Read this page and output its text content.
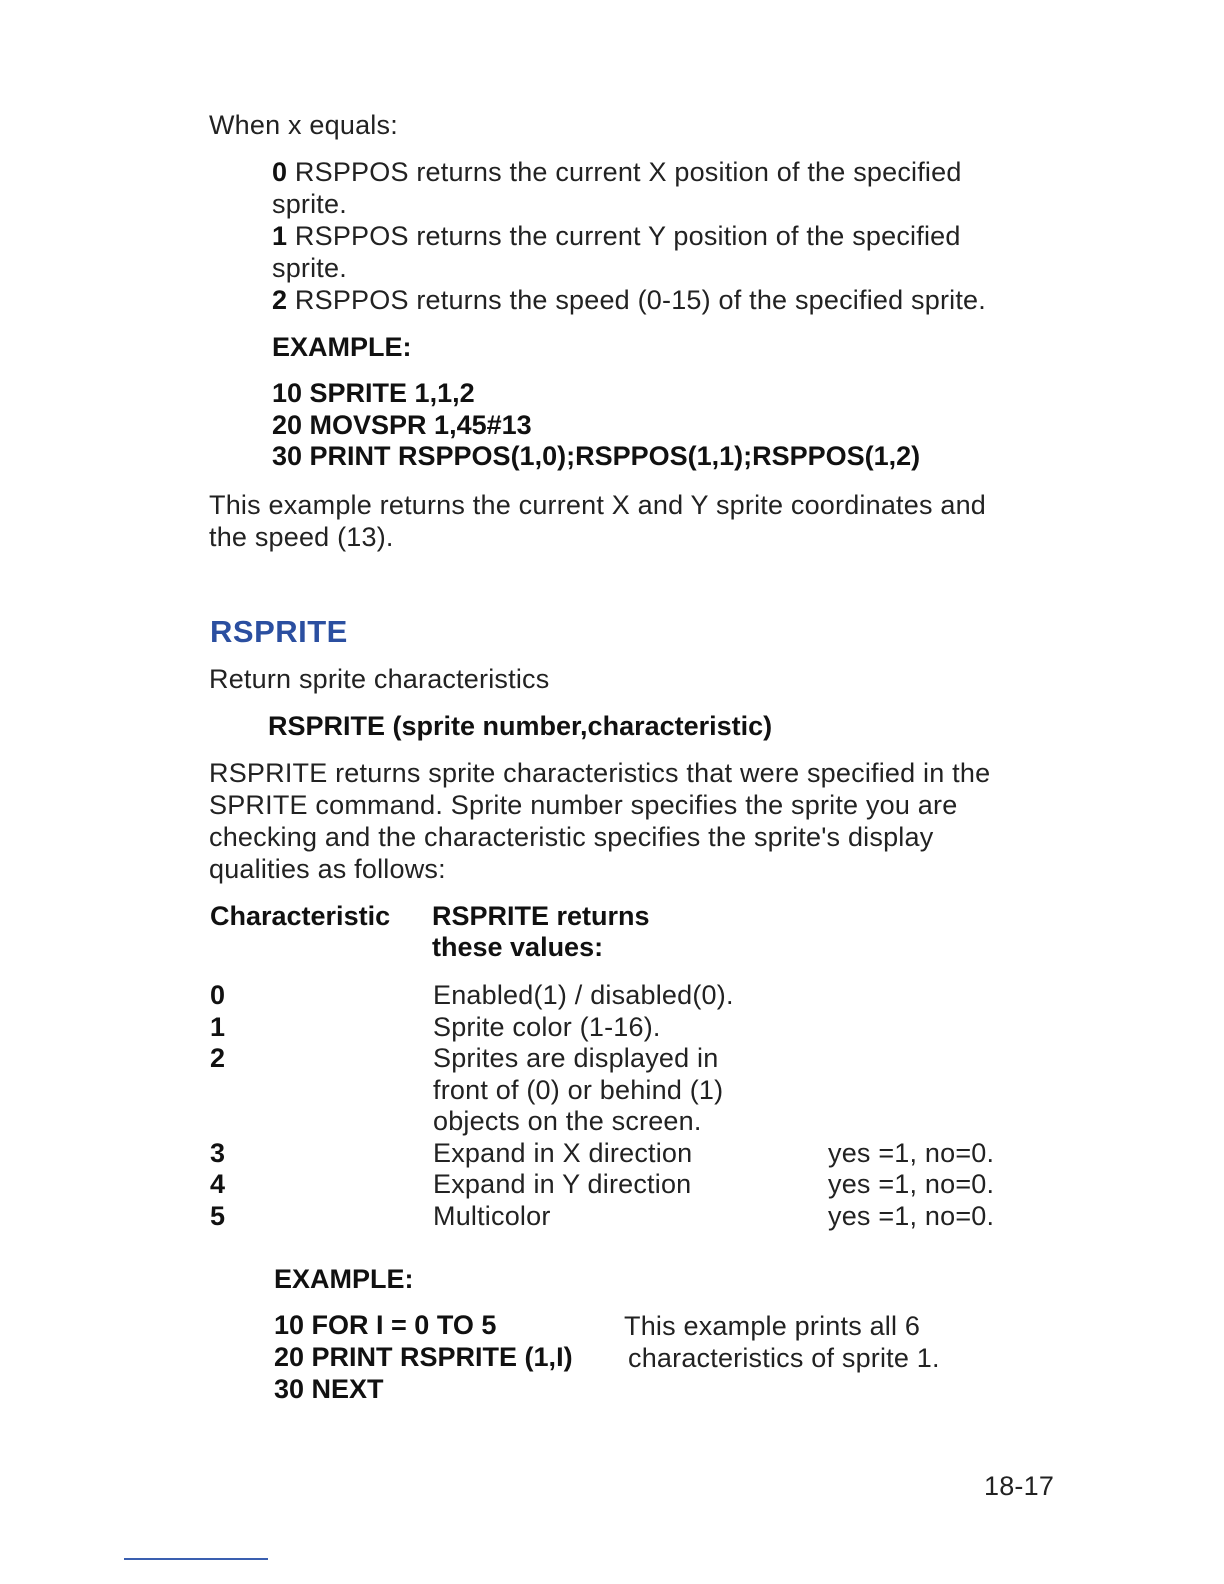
When x equals:
0 RSPPOS returns the current X position of the specified
sprite.
1 RSPPOS returns the current Y position of the specified
sprite.
2 RSPPOS returns the speed (0-15) of the specified sprite.
EXAMPLE:
10 SPRITE 1,1,2
20 MOVSPR 1,45#13
30 PRINT RSPPOS(1,0);RSPPOS(1,1);RSPPOS(1,2)
This example returns the current X and Y sprite coordinates and
the speed (13).
RSPRITE
Return sprite characteristics
RSPRITE (sprite number,characteristic)
RSPRITE returns sprite characteristics that were specified in the
SPRITE command. Sprite number specifies the sprite you are
checking and the characteristic specifies the sprite's display
qualities as follows:
Characteristic RSPRITE returns
these values:
0	Enabled(1) / disabled(0).
1	Sprite color (1-16).
2	Sprites are displayed in
front of (0) or behind (1)
objects on the screen.
3	Expand in X direction	yes =1, no=0.
4	Expand in Y direction	yes =1, no=0.
5	Multicolor	yes =1, no=0.
EXAMPLE:
10 FOR I = 0 TO 5
20 PRINT RSPRITE (1,I)
30 NEXT
This example prints all 6
characteristics of sprite 1.
18-17
